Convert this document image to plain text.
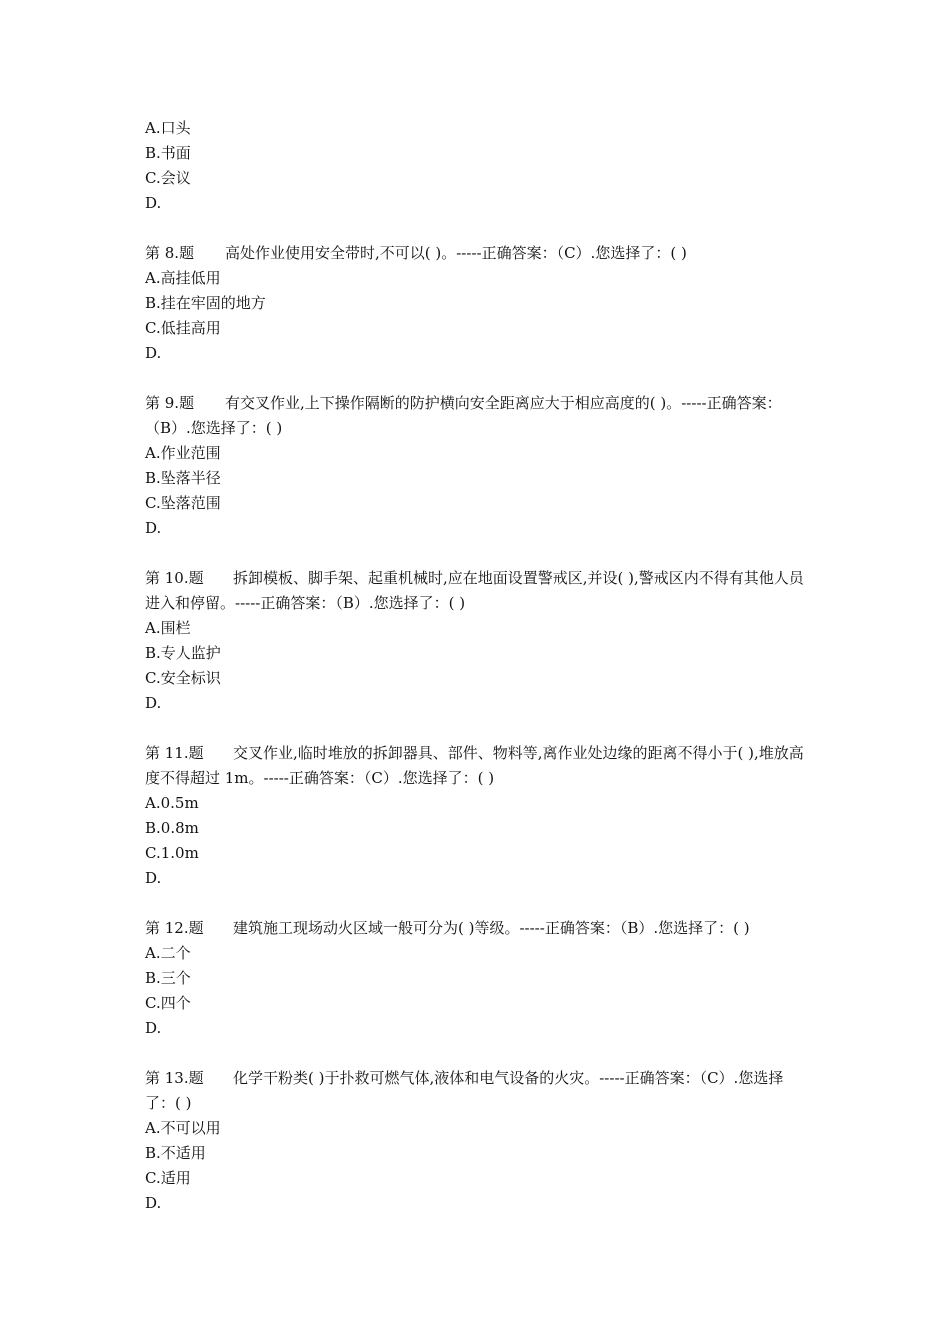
A.口头
B.书面
C.会议
D.
第 8.题 高处作业使用安全带时,不可以( )。-----正确答案：（C）.您选择了：( )
A.高挂低用
B.挂在牢固的地方
C.低挂高用
D.
第 9.题 有交叉作业,上下操作隔断的防护横向安全距离应大于相应高度的( )。-----正确答案：（B）.您选择了：( )
A.作业范围
B.坠落半径
C.坠落范围
D.
第 10.题 拆卸模板、脚手架、起重机械时,应在地面设置警戒区,并设( ),警戒区内不得有其他人员进入和停留。-----正确答案：（B）.您选择了：( )
A.围栏
B.专人监护
C.安全标识
D.
第 11.题 交叉作业,临时堆放的拆卸器具、部件、物料等,离作业处边缘的距离不得小于( ),堆放高度不得超过 1m。-----正确答案：（C）.您选择了：( )
A.0.5m
B.0.8m
C.1.0m
D.
第 12.题 建筑施工现场动火区域一般可分为( )等级。-----正确答案：（B）.您选择了：( )
A.二个
B.三个
C.四个
D.
第 13.题 化学干粉类( )于扑救可燃气体,液体和电气设备的火灾。-----正确答案：（C）.您选择了：( )
A.不可以用
B.不适用
C.适用
D.
